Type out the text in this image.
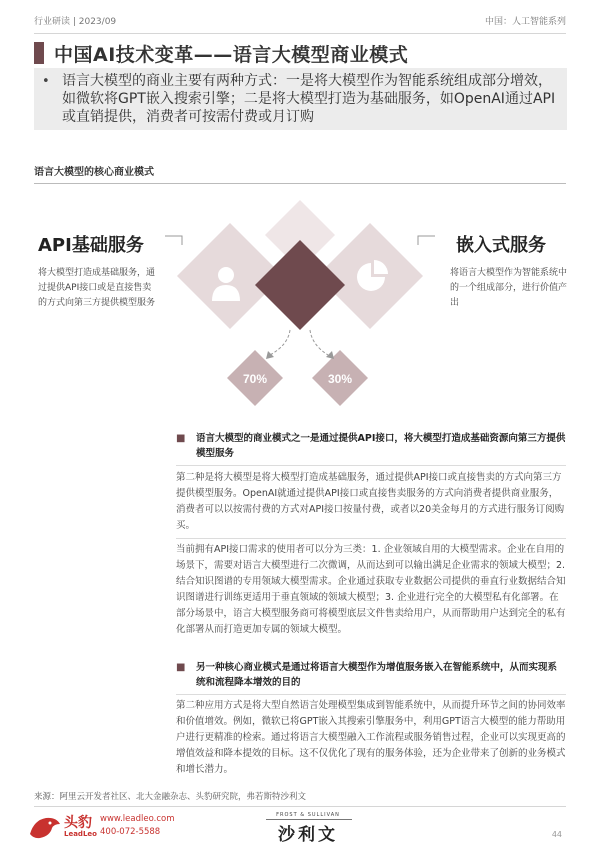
行业研读 | 2023/09	中国：人工智能系列
中国AI技术变革——语言大模型商业模式
• 语言大模型的商业主要有两种方式：一是将大模型作为智能系统组成部分增效，如微软将GPT嵌入搜索引擎；二是将大模型打造为基础服务，如OpenAI通过API或直销提供，消费者可按需付费或月订购
语言大模型的核心商业模式
70%	30%
API基础服务
将大模型打造成基础服务，通过提供API接口或是直接售卖的方式向第三方提供模型服务
嵌入式服务
将语言大模型作为智能系统中的一个组成部分，进行价值产出
■ 语言大模型的商业模式之一是通过提供API接口，将大模型打造成基础资源向第三方提供模型服务
第二种是将大模型是将大模型打造成基础服务，通过提供API接口或直接售卖的方式向第三方提供模型服务。OpenAI就通过提供API接口或直接售卖服务的方式向消费者提供商业服务，消费者可以以按需付费的方式对API接口按量付费，或者以20美金每月的方式进行服务订阅购买。
当前拥有API接口需求的使用者可以分为三类：1. 企业领域自用的大模型需求。企业在自用的场景下，需要对语言大模型进行二次微调，从而达到可以输出满足企业需求的领域大模型；2.结合知识图谱的专用领域大模型需求。企业通过获取专业数据公司提供的垂直行业数据结合知识图谱进行训练更适用于垂直领域的领域大模型；3. 企业进行完全的大模型私有化部署。在部分场景中，语言大模型服务商可将模型底层文件售卖给用户，从而帮助用户达到完全的私有化部署从而打造更加专属的领域大模型。
■ 另一种核心商业模式是通过将语言大模型作为增值服务嵌入在智能系统中，从而实现系统和流程降本增效的目的
第二种应用方式是将大型自然语言处理模型集成到智能系统中，从而提升环节之间的协同效率和价值增效。例如，微软已将GPT嵌入其搜索引擎服务中，利用GPT语言大模型的能力帮助用户进行更精准的检索。通过将语言大模型融入工作流程或服务销售过程，企业可以实现更高的增值效益和降本提效的目标。这不仅优化了现有的服务体验，还为企业带来了创新的业务模式和增长潜力。
来源：阿里云开发者社区、北大金融杂志、头豹研究院，弗若斯特沙利文
头豹
LeadLeo
www.leadleo.com
400-072-5588
FROST & SULLIVAN
沙利文	44
